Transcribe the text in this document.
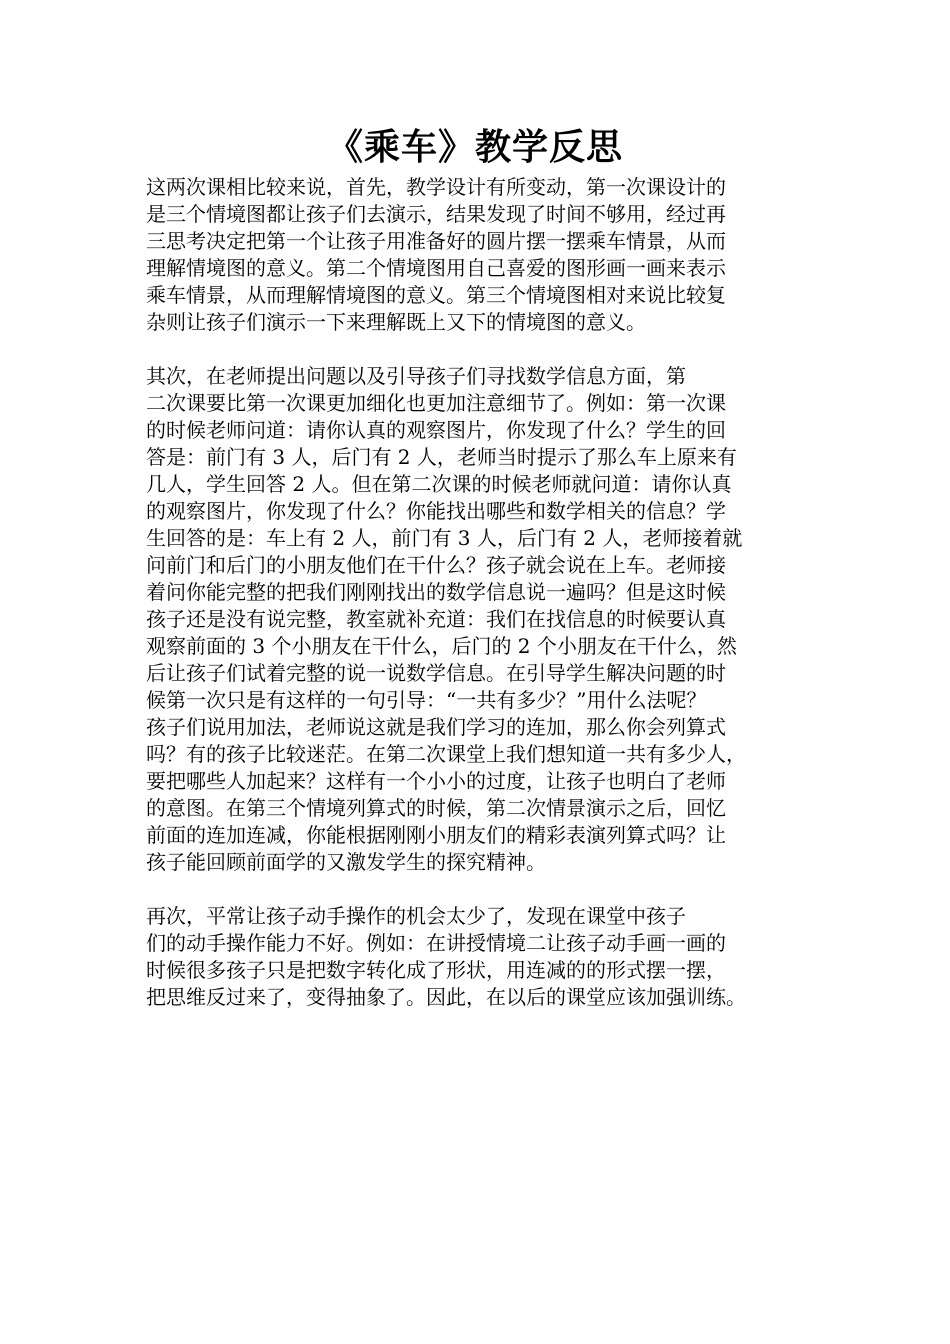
《乘车》教学反思

这两次课相比较来说，首先，教学设计有所变动，第一次课设计的
是三个情境图都让孩子们去演示，结果发现了时间不够用，经过再
三思考决定把第一个让孩子用准备好的圆片摆一摆乘车情景，从而
理解情境图的意义。第二个情境图用自己喜爱的图形画一画来表示
乘车情景，从而理解情境图的意义。第三个情境图相对来说比较复
杂则让孩子们演示一下来理解既上又下的情境图的意义。

其次，在老师提出问题以及引导孩子们寻找数学信息方面，第
二次课要比第一次课更加细化也更加注意细节了。例如：第一次课
的时候老师问道：请你认真的观察图片，你发现了什么？学生的回
答是：前门有 3 人，后门有 2 人，老师当时提示了那么车上原来有
几人，学生回答 2 人。但在第二次课的时候老师就问道：请你认真
的观察图片，你发现了什么？你能找出哪些和数学相关的信息？学
生回答的是：车上有 2 人，前门有 3 人，后门有 2 人，老师接着就
问前门和后门的小朋友他们在干什么？孩子就会说在上车。老师接
着问你能完整的把我们刚刚找出的数学信息说一遍吗？但是这时候
孩子还是没有说完整，教室就补充道：我们在找信息的时候要认真
观察前面的 3 个小朋友在干什么，后门的 2 个小朋友在干什么，然
后让孩子们试着完整的说一说数学信息。在引导学生解决问题的时
候第一次只是有这样的一句引导：“一共有多少？”用什么法呢？
孩子们说用加法，老师说这就是我们学习的连加，那么你会列算式
吗？有的孩子比较迷茫。在第二次课堂上我们想知道一共有多少人，
要把哪些人加起来？这样有一个小小的过度，让孩子也明白了老师
的意图。在第三个情境列算式的时候，第二次情景演示之后，回忆
前面的连加连减，你能根据刚刚小朋友们的精彩表演列算式吗？让
孩子能回顾前面学的又激发学生的探究精神。

再次，平常让孩子动手操作的机会太少了，发现在课堂中孩子
们的动手操作能力不好。例如：在讲授情境二让孩子动手画一画的
时候很多孩子只是把数字转化成了形状，用连减的的形式摆一摆，
把思维反过来了，变得抽象了。因此，在以后的课堂应该加强训练。
